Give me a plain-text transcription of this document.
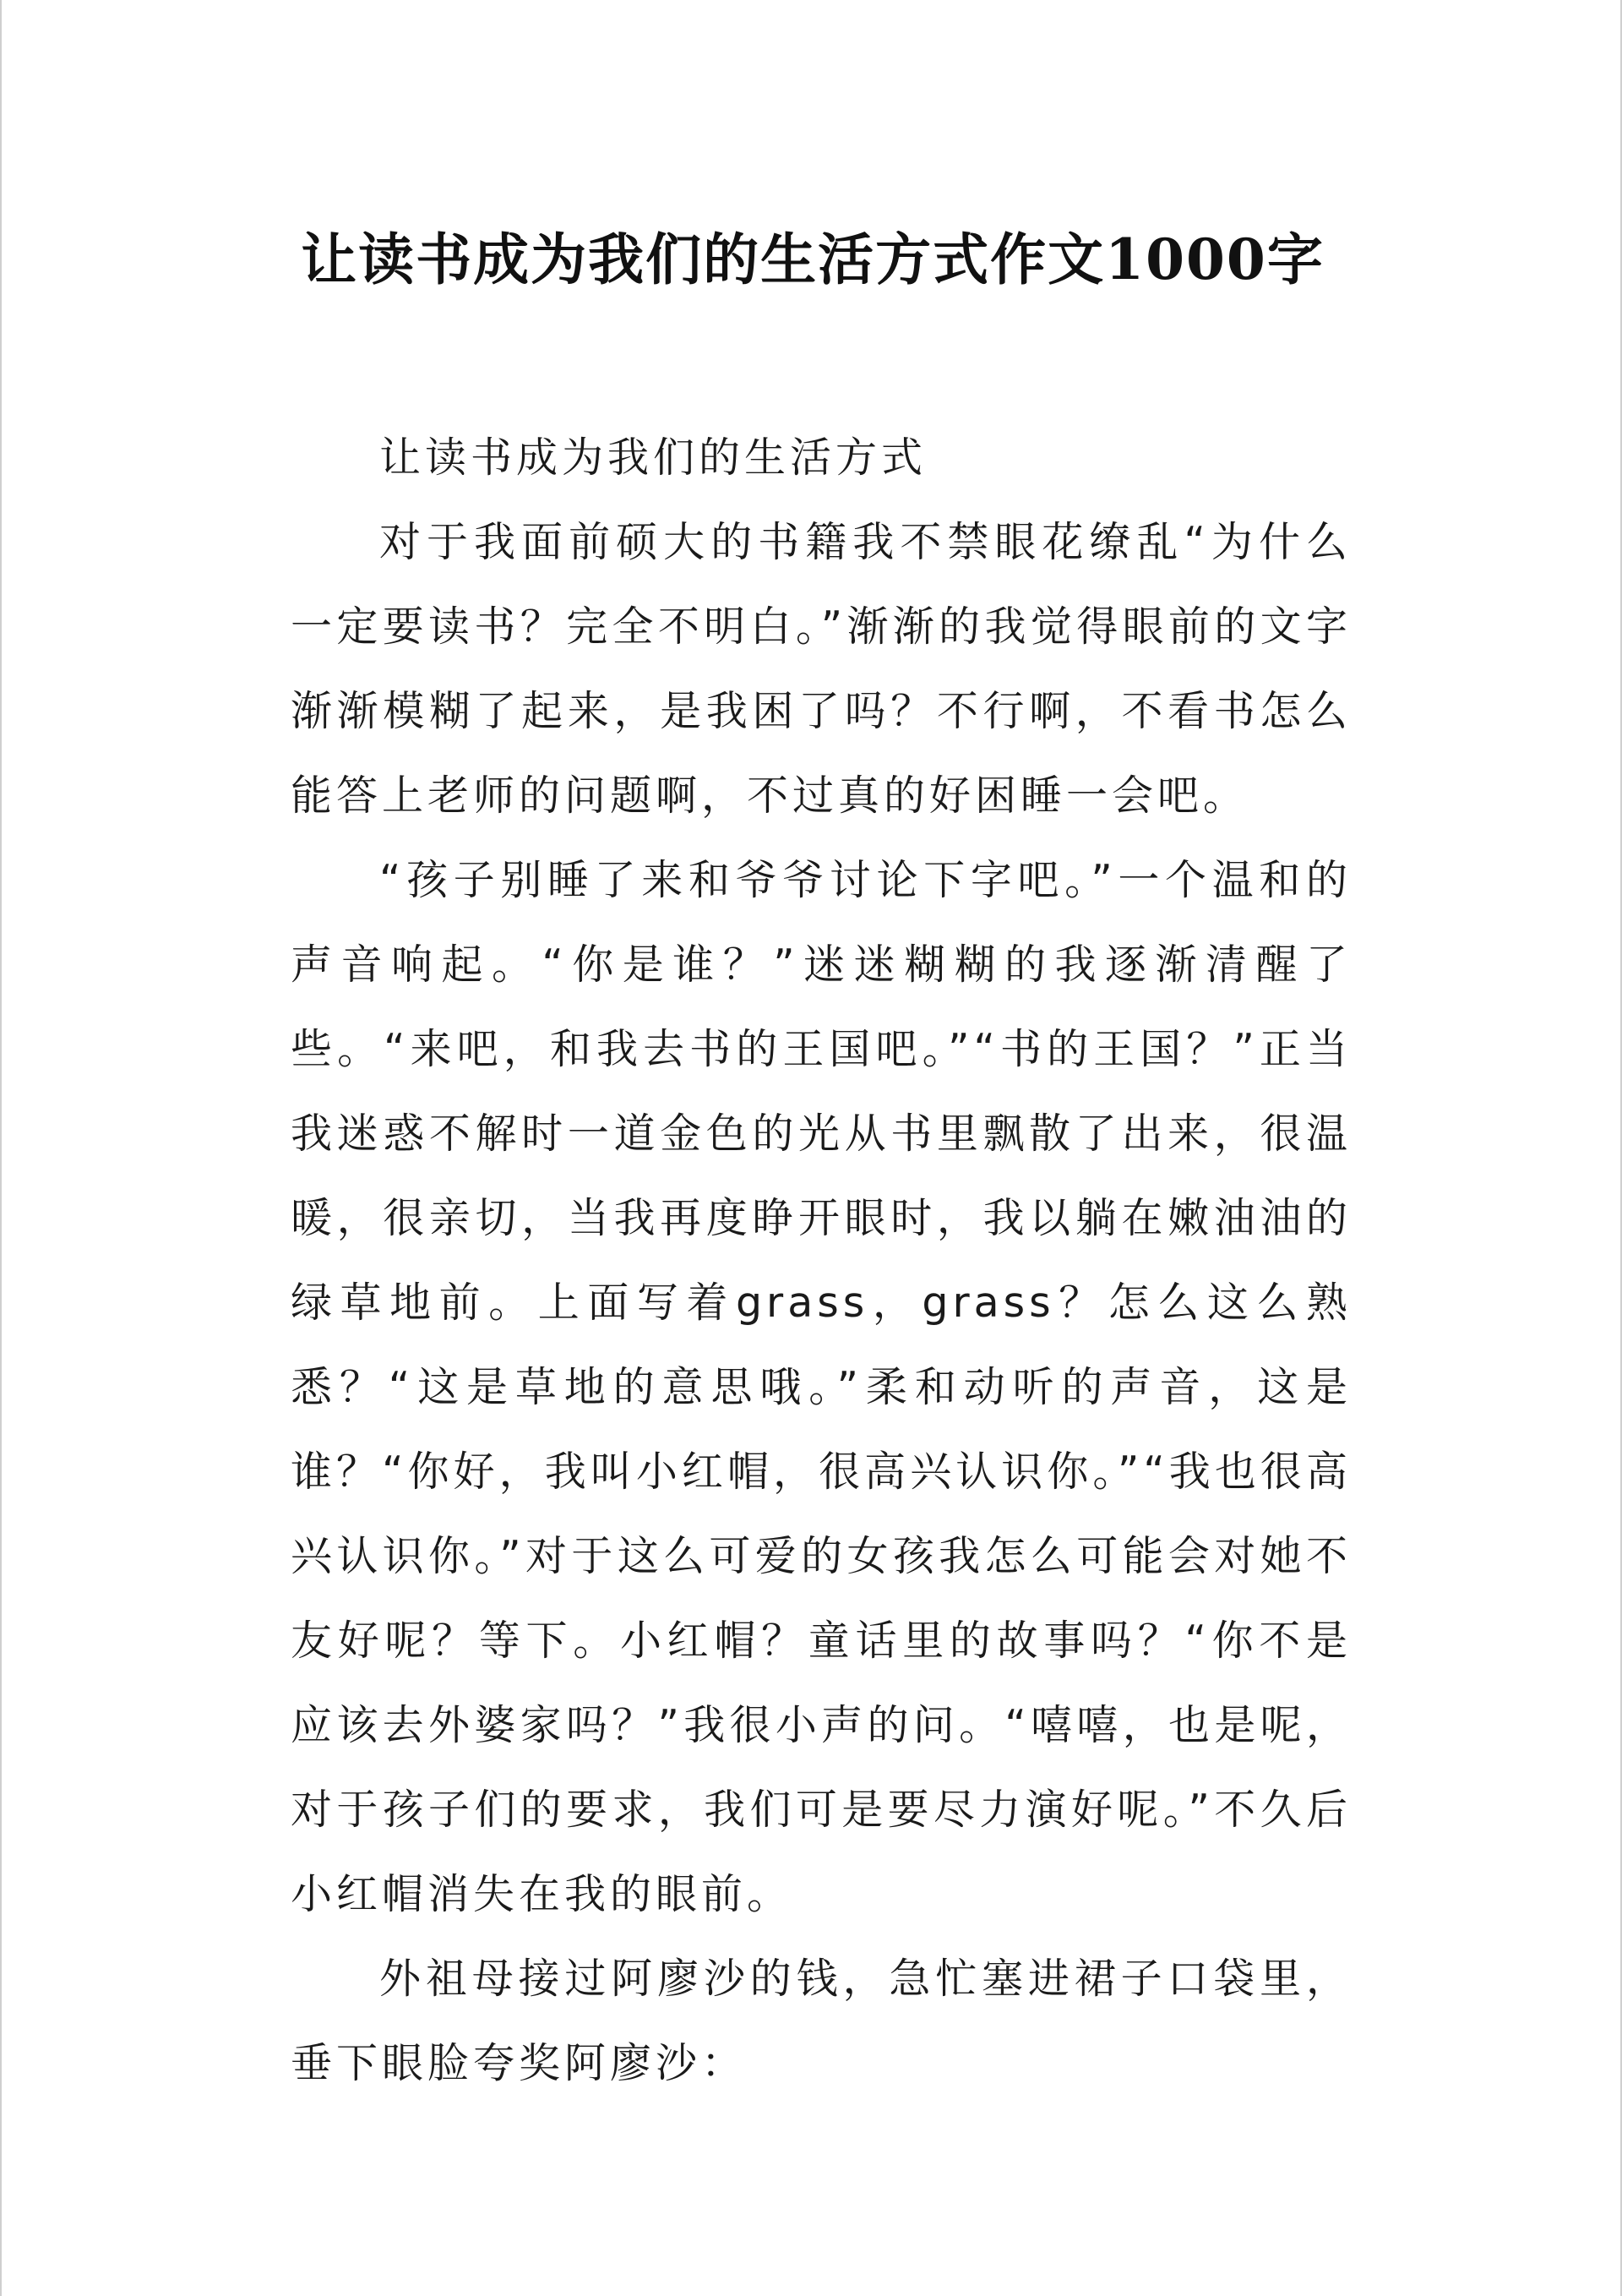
让读书成为我们的生活方式作文1000字

让读书成为我们的生活方式

对于我面前硕大的书籍我不禁眼花缭乱“为什么一定要读书？完全不明白。”渐渐的我觉得眼前的文字渐渐模糊了起来，是我困了吗？不行啊，不看书怎么能答上老师的问题啊，不过真的好困睡一会吧。

“孩子别睡了来和爷爷讨论下字吧。”一个温和的声音响起。“你是谁？”迷迷糊糊的我逐渐清醒了些。“来吧，和我去书的王国吧。”“书的王国？”正当我迷惑不解时一道金色的光从书里飘散了出来，很温暖，很亲切，当我再度睁开眼时，我以躺在嫩油油的绿草地前。上面写着grass，grass？怎么这么熟悉？“这是草地的意思哦。”柔和动听的声音，这是谁？“你好，我叫小红帽，很高兴认识你。”“我也很高兴认识你。”对于这么可爱的女孩我怎么可能会对她不友好呢？等下。小红帽？童话里的故事吗？“你不是应该去外婆家吗？”我很小声的问。“嘻嘻，也是呢，对于孩子们的要求，我们可是要尽力演好呢。”不久后小红帽消失在我的眼前。

外祖母接过阿廖沙的钱，急忙塞进裙子口袋里，垂下眼脸夸奖阿廖沙：
